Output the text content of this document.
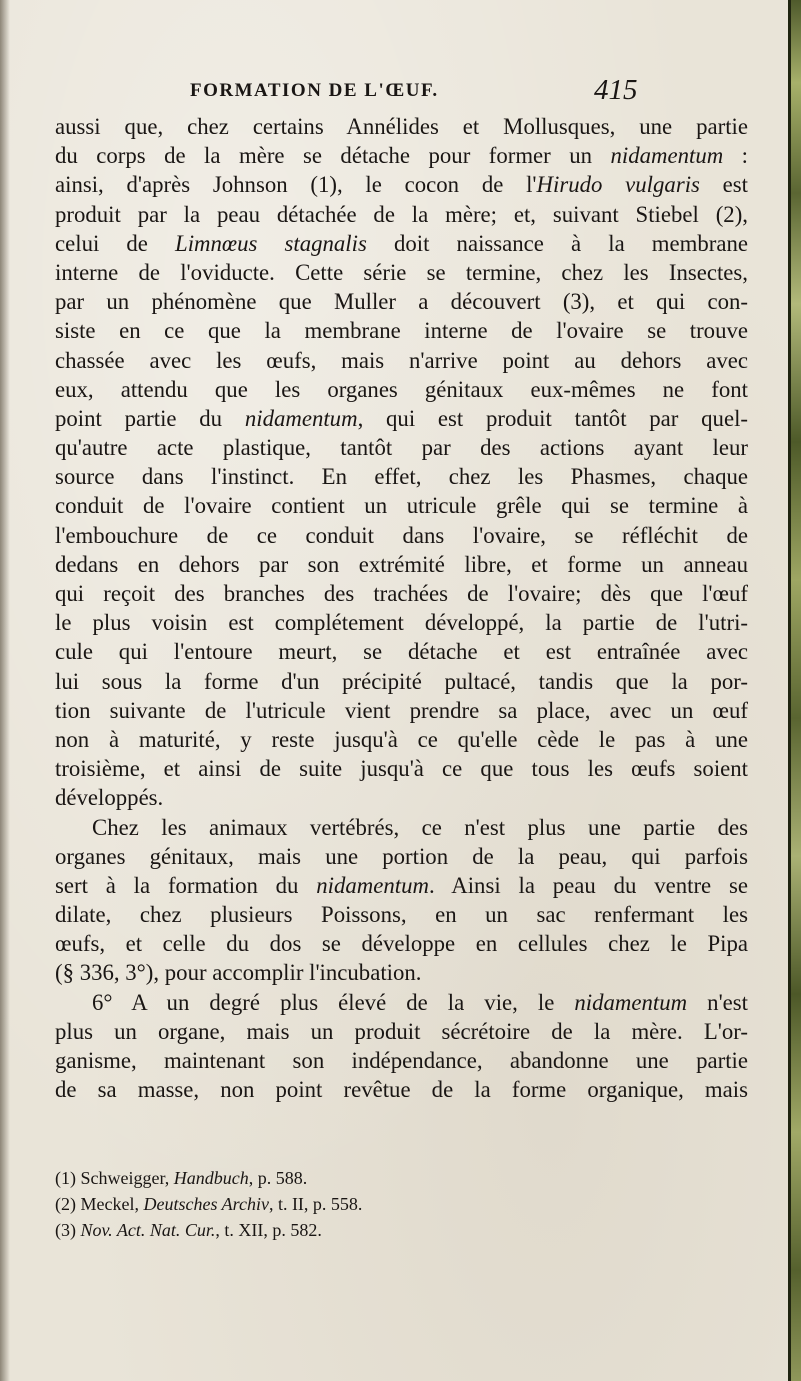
FORMATION DE L'ŒUF.	415
aussi que, chez certains Annélides et Mollusques, une partie
du corps de la mère se détache pour former un nidamentum :
ainsi, d'après Johnson (1), le cocon de l'Hirudo vulgaris est
produit par la peau détachée de la mère; et, suivant Stiebel (2),
celui de Limnœus stagnalis doit naissance à la membrane
interne de l'oviducte. Cette série se termine, chez les Insectes,
par un phénomène que Muller a découvert (3), et qui con-
siste en ce que la membrane interne de l'ovaire se trouve
chassée avec les œufs, mais n'arrive point au dehors avec
eux, attendu que les organes génitaux eux-mêmes ne font
point partie du nidamentum, qui est produit tantôt par quel-
qu'autre acte plastique, tantôt par des actions ayant leur
source dans l'instinct. En effet, chez les Phasmes, chaque
conduit de l'ovaire contient un utricule grêle qui se termine à
l'embouchure de ce conduit dans l'ovaire, se réfléchit de
dedans en dehors par son extrémité libre, et forme un anneau
qui reçoit des branches des trachées de l'ovaire; dès que l'œuf
le plus voisin est complétement développé, la partie de l'utri-
cule qui l'entoure meurt, se détache et est entraînée avec
lui sous la forme d'un précipité pultacé, tandis que la por-
tion suivante de l'utricule vient prendre sa place, avec un œuf
non à maturité, y reste jusqu'à ce qu'elle cède le pas à une
troisième, et ainsi de suite jusqu'à ce que tous les œufs soient
développés.
Chez les animaux vertébrés, ce n'est plus une partie des
organes génitaux, mais une portion de la peau, qui parfois
sert à la formation du nidamentum. Ainsi la peau du ventre se
dilate, chez plusieurs Poissons, en un sac renfermant les
œufs, et celle du dos se développe en cellules chez le Pipa
(§ 336, 3°), pour accomplir l'incubation.
6° A un degré plus élevé de la vie, le nidamentum n'est
plus un organe, mais un produit sécrétoire de la mère. L'or-
ganisme, maintenant son indépendance, abandonne une partie
de sa masse, non point revêtue de la forme organique, mais
(1) Schweigger, Handbuch, p. 588.
(2) Meckel, Deutsches Archiv, t. II, p. 558.
(3) Nov. Act. Nat. Cur., t. XII, p. 582.
